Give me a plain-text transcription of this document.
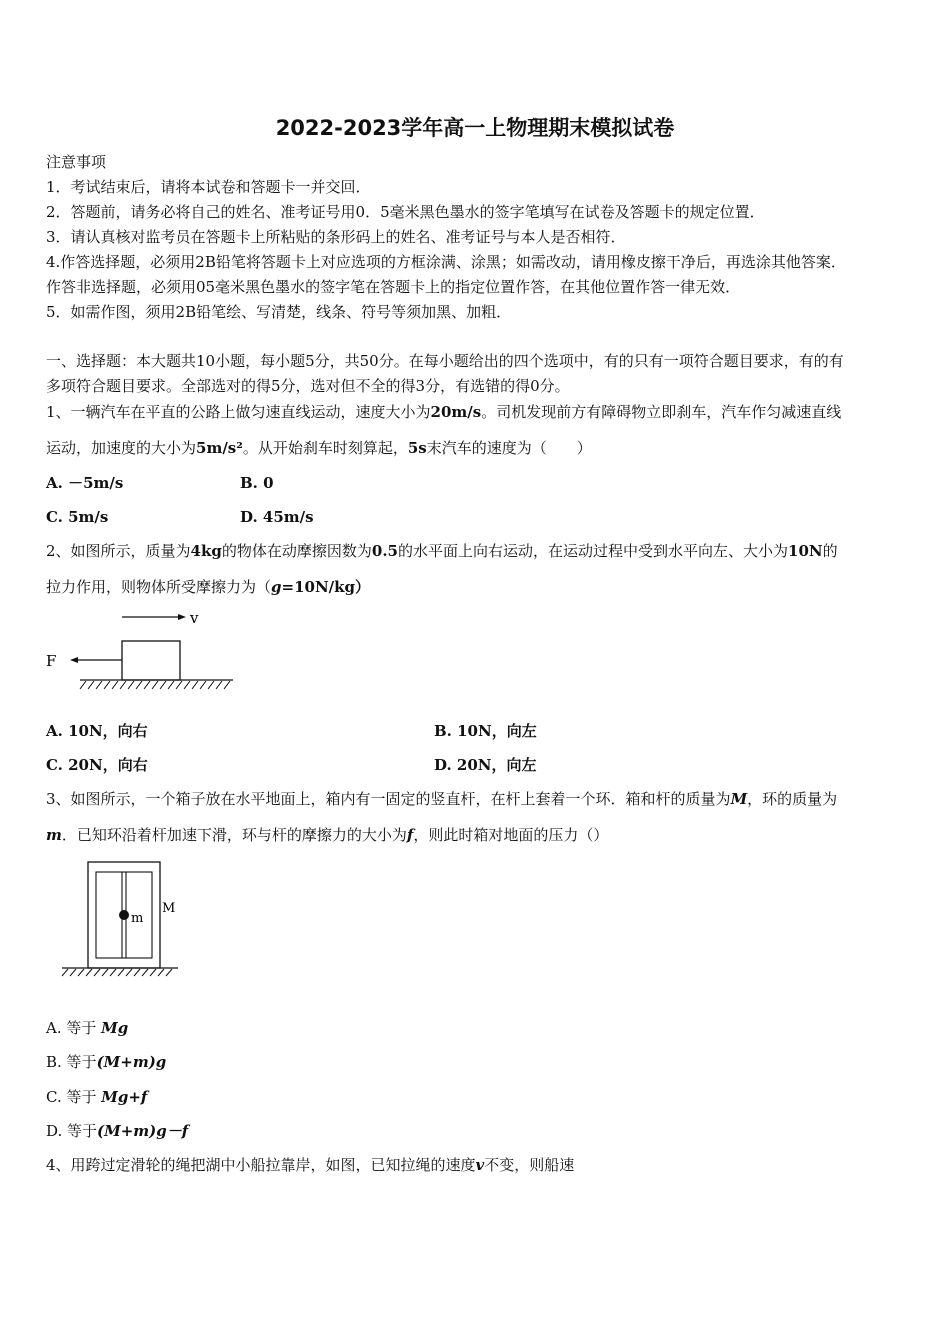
2022-2023学年高一上物理期末模拟试卷
注意事项
1．考试结束后，请将本试卷和答题卡一并交回．
2．答题前，请务必将自己的姓名、准考证号用0．5毫米黑色墨水的签字笔填写在试卷及答题卡的规定位置．
3．请认真核对监考员在答题卡上所粘贴的条形码上的姓名、准考证号与本人是否相符．
4.作答选择题，必须用2B铅笔将答题卡上对应选项的方框涂满、涂黑；如需改动，请用橡皮擦干净后，再选涂其他答案．
作答非选择题，必须用05毫米黑色墨水的签字笔在答题卡上的指定位置作答，在其他位置作答一律无效．
5．如需作图，须用2B铅笔绘、写清楚，线条、符号等须加黑、加粗．
一、选择题：本大题共10小题，每小题5分，共50分。在每小题给出的四个选项中，有的只有一项符合题目要求，有的有
多项符合题目要求。全部选对的得5分，选对但不全的得3分，有选错的得0分。
1、一辆汽车在平直的公路上做匀速直线运动，速度大小为20m/s。司机发现前方有障碍物立即刹车，汽车作匀减速直线
运动，加速度的大小为5m/s²。从开始刹车时刻算起，5s末汽车的速度为（　　）
A. －5m/s	B. 0
C. 5m/s	D. 45m/s
2、如图所示，质量为4kg的物体在动摩擦因数为0.5的水平面上向右运动，在运动过程中受到水平向左、大小为10N的
拉力作用，则物体所受摩擦力为（g=10N/kg）
v
F
A. 10N，向右	B. 10N，向左
C. 20N，向右	D. 20N，向左
3、如图所示，一个箱子放在水平地面上，箱内有一固定的竖直杆，在杆上套着一个环．箱和杆的质量为M，环的质量为
m．已知环沿着杆加速下滑，环与杆的摩擦力的大小为f，则此时箱对地面的压力（）
m
M
A. 等于 Mg
B. 等于(M+m)g
C. 等于 Mg+f
D. 等于(M+m)g－f
4、用跨过定滑轮的绳把湖中小船拉靠岸，如图，已知拉绳的速度v不变，则船速
